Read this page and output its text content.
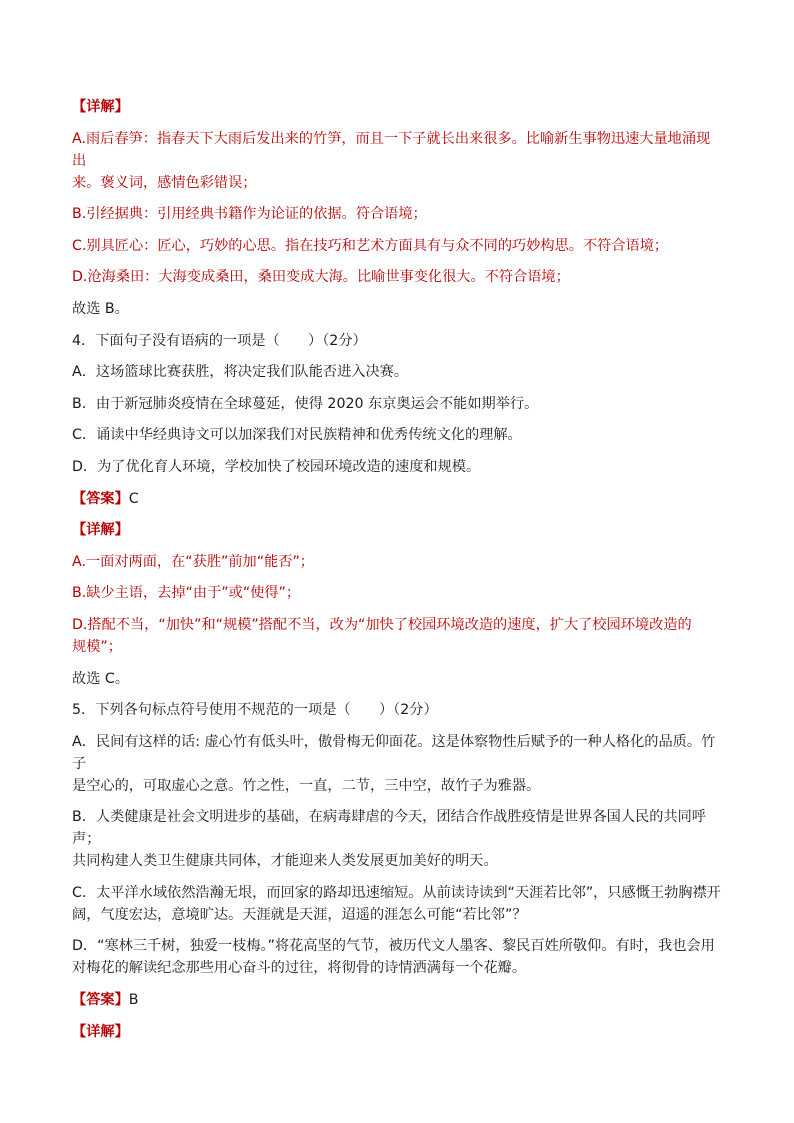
【详解】

A.雨后春笋：指春天下大雨后发出来的竹笋，而且一下子就长出来很多。比喻新生事物迅速大量地涌现出

来。褒义词，感情色彩错误；

B.引经据典：引用经典书籍作为论证的依据。符合语境；

C.别具匠心：匠心，巧妙的心思。指在技巧和艺术方面具有与众不同的巧妙构思。不符合语境；

D.沧海桑田：大海变成桑田，桑田变成大海。比喻世事变化很大。不符合语境；

故选 B。

4．下面句子没有语病的一项是（　　）（2分）

A．这场篮球比赛获胜，将决定我们队能否进入决赛。

B．由于新冠肺炎疫情在全球蔓延，使得 2020 东京奥运会不能如期举行。

C．诵读中华经典诗文可以加深我们对民族精神和优秀传统文化的理解。

D．为了优化育人环境，学校加快了校园环境改造的速度和规模。

【答案】C

【详解】

A.一面对两面，在“获胜”前加“能否”；

B.缺少主语，去掉“由于”或“使得”；

D.搭配不当，“加快”和“规模”搭配不当，改为“加快了校园环境改造的速度，扩大了校园环境改造的

规模”；

故选 C。

5．下列各句标点符号使用不规范的一项是（　　）（2分）

A．民间有这样的话: 虚心竹有低头叶，傲骨梅无仰面花。这是体察物性后赋予的一种人格化的品质。竹子

是空心的，可取虚心之意。竹之性，一直，二节，三中空，故竹子为雅器。

B．人类健康是社会文明进步的基础，在病毒肆虐的今天，团结合作战胜疫情是世界各国人民的共同呼声；

共同构建人类卫生健康共同体，才能迎来人类发展更加美好的明天。

C．太平洋水域依然浩瀚无垠，而回家的路却迅速缩短。从前读诗读到“天涯若比邻”，只感慨王勃胸襟开

阔，气度宏达，意境旷达。天涯就是天涯，迢遥的涯怎么可能“若比邻”？

D．“寒林三千树，独爱一枝梅。”将花高坚的气节，被历代文人墨客、黎民百姓所敬仰。有时，我也会用

对梅花的解读纪念那些用心奋斗的过往，将彻骨的诗情洒满每一个花瓣。

【答案】B

【详解】
